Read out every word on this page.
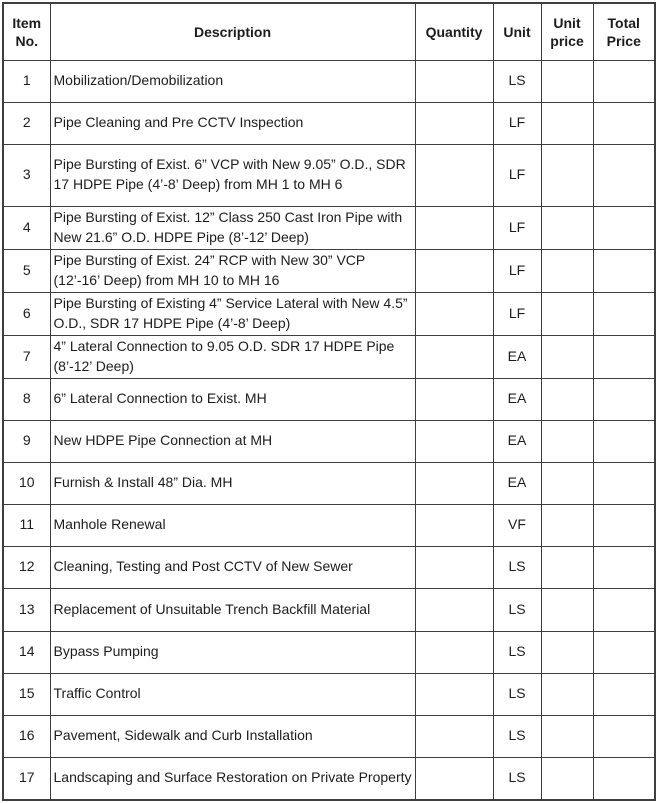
Item No.	Description	Quantity	Unit	Unit price	Total Price
1	Mobilization/Demobilization		LS		
2	Pipe Cleaning and Pre CCTV Inspection		LF		
3	Pipe Bursting of Exist. 6” VCP with New 9.05” O.D., SDR 17 HDPE Pipe (4’-8’ Deep) from MH 1 to MH 6		LF		
4	Pipe Bursting of Exist. 12” Class 250 Cast Iron Pipe with New 21.6” O.D. HDPE Pipe (8’-12’ Deep)		LF		
5	Pipe Bursting of Exist. 24” RCP with New 30” VCP (12’-16’ Deep) from MH 10 to MH 16		LF		
6	Pipe Bursting of Existing 4” Service Lateral with New 4.5” O.D., SDR 17 HDPE Pipe (4’-8’ Deep)		LF		
7	4” Lateral Connection to 9.05 O.D. SDR 17 HDPE Pipe (8’-12’ Deep)		EA		
8	6” Lateral Connection to Exist. MH		EA		
9	New HDPE Pipe Connection at MH		EA		
10	Furnish & Install 48” Dia. MH		EA		
11	Manhole Renewal		VF		
12	Cleaning, Testing and Post CCTV of New Sewer		LS		
13	Replacement of Unsuitable Trench Backfill Material		LS		
14	Bypass Pumping		LS		
15	Traffic Control		LS		
16	Pavement, Sidewalk and Curb Installation		LS		
17	Landscaping and Surface Restoration on Private Property		LS		
